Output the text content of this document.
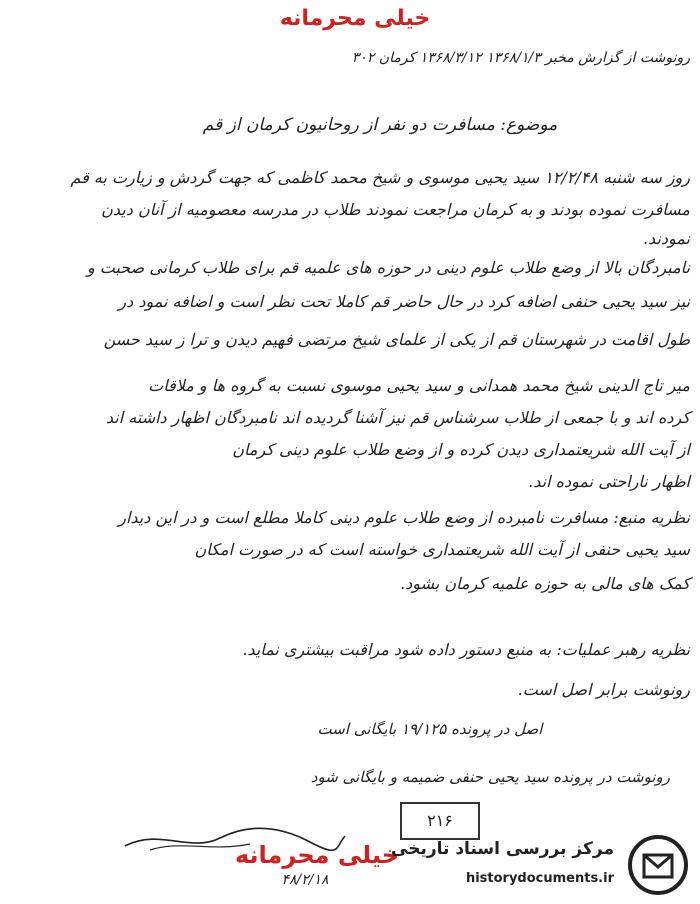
خیلی محرمانه
رونوشت از گزارش مخبر ۱۳۶۸/۱/۳ ۱۳۶۸/۳/۱۲ کرمان ۳۰۲
موضوع: مسافرت دو نفر از روحانیون کرمان از قم
روز سه شنبه ۱۲/۲/۴۸ سید یحیی موسوی و شیخ محمد کاظمی که جهت گردش و زیارت به قم
مسافرت نموده بودند و به کرمان مراجعت نمودند طلاب در مدرسه معصومیه از آنان دیدن
نمودند.
نامبردگان بالا از وضع طلاب علوم دینی در حوزه های علمیه قم برای طلاب کرمانی صحبت و
نیز سید یحیی حنفی اضافه کرد در حال حاضر قم کاملا تحت نظر است و اضافه نمود در
طول اقامت در شهرستان قم از یکی از علمای شیخ مرتضی فهیم دیدن و ترا ز سید حسن
میر تاج الدینی شیخ محمد همدانی و سید یحیی موسوی نسبت به گروه ها و ملاقات
کرده اند و با جمعی از طلاب سرشناس قم نیز آشنا گردیده اند نامبردگان اظهار داشته اند
از آیت الله شریعتمداری دیدن کرده و از وضع طلاب علوم دینی کرمان
اظهار ناراحتی نموده اند.
نظریه منبع: مسافرت نامبرده از وضع طلاب علوم دینی کاملا مطلع است و در این دیدار
سید یحیی حنفی از آیت الله شریعتمداری خواسته است که در صورت امکان
کمک های مالی به حوزه علمیه کرمان بشود.
نظریه رهبر عملیات: به منبع دستور داده شود مراقبت بیشتری نماید.
رونوشت برابر اصل است.
اصل در پرونده ۱۹/۱۲۵ بایگانی است
رونوشت در پرونده سید یحیی حنفی ضمیمه و بایگانی شود
۲۱۶
خیلی محرمانه
۴۸/۲/۱۸
مرکز بررسی اسناد تاریخی
historydocuments.ir
